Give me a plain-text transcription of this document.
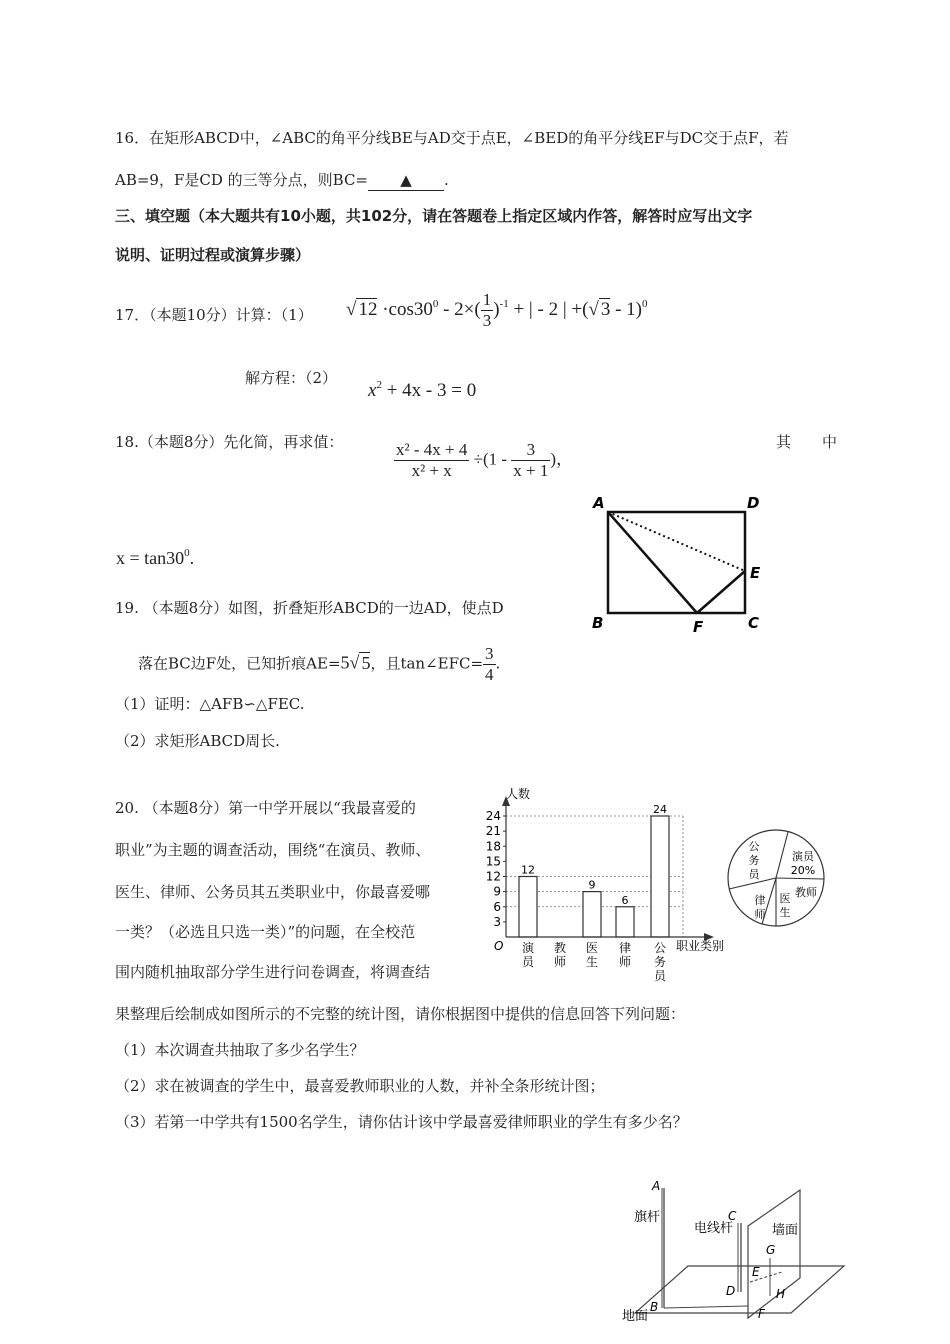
16．在矩形ABCD中，∠ABC的角平分线BE与AD交于点E，∠BED的角平分线EF与DC交于点F，若
AB=9，F是CD 的三等分点，则BC= ▲ .
三、填空题（本大题共有10小题，共102分，请在答题卷上指定区域内作答，解答时应写出文字
说明、证明过程或演算步骤）
17．（本题10分）计算：（1） √ $12 \cdot\cos 30^0 - 2\times( \frac{1}{3} )^{-1}$ + | - 2 | +(√ 3 - 1)$^0$
解方程：（2）
$x^2 + 4x - 3 = 0$
18.（本题8分）先化简，再求值：	$\frac{\text{x² - 4x + 4}}{\text{x² + x}} \div(1 - \frac{3}{x + 1}$ )，
其 中
$x = \tan 30^0$.
19. （本题8分）如图，折叠矩形ABCD的一边AD，使点D
落在BC边F处，已知折痕AE=5√ 5，且tan∠EFC= $\frac{3}{4}$ .
（1）证明：△AFB∽△FEC.
（2）求矩形ABCD周长.
A	D
E
B	F	C
20. （本题8分）第一中学开展以“我最喜爱的
职业”为主题的调查活动，围绕“在演员、教师、
医生、律师、公务员其五类职业中，你最喜爱哪
一类？（必选且只选一类）”的问题，在全校范
围内随机抽取部分学生进行问卷调查，将调查结
果整理后绘制成如图所示的不完整的统计图，请你根据图中提供的信息回答下列问题：
（1）本次调查共抽取了多少名学生？
（2）求在被调查的学生中，最喜爱教师职业的人数，并补全条形统计图；
（3）若第一中学共有1500名学生，请你估计该中学最喜爱律师职业的学生有多少名？
12
9
6
24
3
6
9
12
15
18
21
24
演
员
教
师
医
生
律
师
公
务
员
人数
职业类别
O
公
务
员
演员
20%
教师
医
生
律
师
A
C
G
E
D	H
B	F
旗杆
电线杆	墙面
地面
